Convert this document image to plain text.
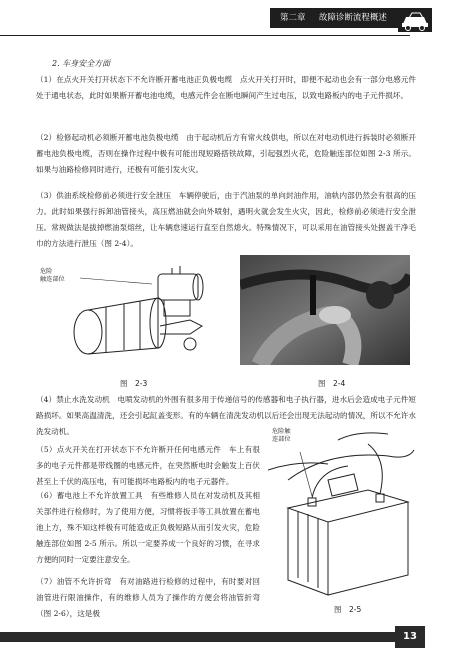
第二章 故障诊断流程概述
2. 车身安全方面
（1）在点火开关打开状态下不允许断开蓄电池正负极电缆　点火开关打开时，即便不起动也会有一部分电感元件处于通电状态，此时如果断开蓄电池电缆，电感元件会在断电瞬间产生过电压，以致电路板内的电子元件损坏。
（2）检修起动机必须断开蓄电池负极电缆　由于起动机后方有常火线供电，所以在对电动机进行拆装时必须断开蓄电池负极电缆，否则在操作过程中极有可能出现短路搭铁故障，引起强烈火花，危险触连部位如图 2-3 所示。如果与油路检修同时进行，还极有可能引发火灾。
（3）供油系统检修前必须进行安全泄压　车辆停驶后，由于汽油泵的单向封油作用，油轨内部仍然会有很高的压力。此时如果强行拆卸油管接头，高压燃油就会向外喷射，遇明火就会发生火灾，因此，检修前必须进行安全泄压。常规做法是拔掉燃油泵熔丝，让车辆怠速运行直至自然熄火。特殊情况下，可以采用在油管接头处握盖干净毛巾的方法进行泄压（图 2-4）。
危险
触连部位
图　2-3	图　2-4
（4）禁止水洗发动机　电喷发动机的外围有很多用于传递信号的传感器和电子执行器，进水后会造成电子元件短路损坏。如果高温清洗，还会引起缸盖变形。有的车辆在清洗发动机以后还会出现无法起动的情况，所以不允许水洗发动机。
（5）点火开关在打开状态下不允许断开任何电感元件　车上有很多的电子元件都是带线圈的电感元件，在突然断电时会触发上百伏甚至上千伏的高压电，有可能损坏电路板内的电子元器件。
（6）蓄电池上不允许放置工具　有些维修人员在对发动机及其相关部件进行检修时，为了使用方便，习惯将扳手等工具放置在蓄电池上方，殊不知这样极有可能造成正负极短路从而引发火灾，危险触连部位如图 2-5 所示。所以一定要养成一个良好的习惯，在寻求方便的同时一定要注意安全。
（7）油管不允许折弯　有对油路进行检修的过程中，有时要对回油管进行限油操作，有的维修人员为了操作的方便会将油管折弯（图 2-6），这是极
危险触
连部位
图　2-5
13
